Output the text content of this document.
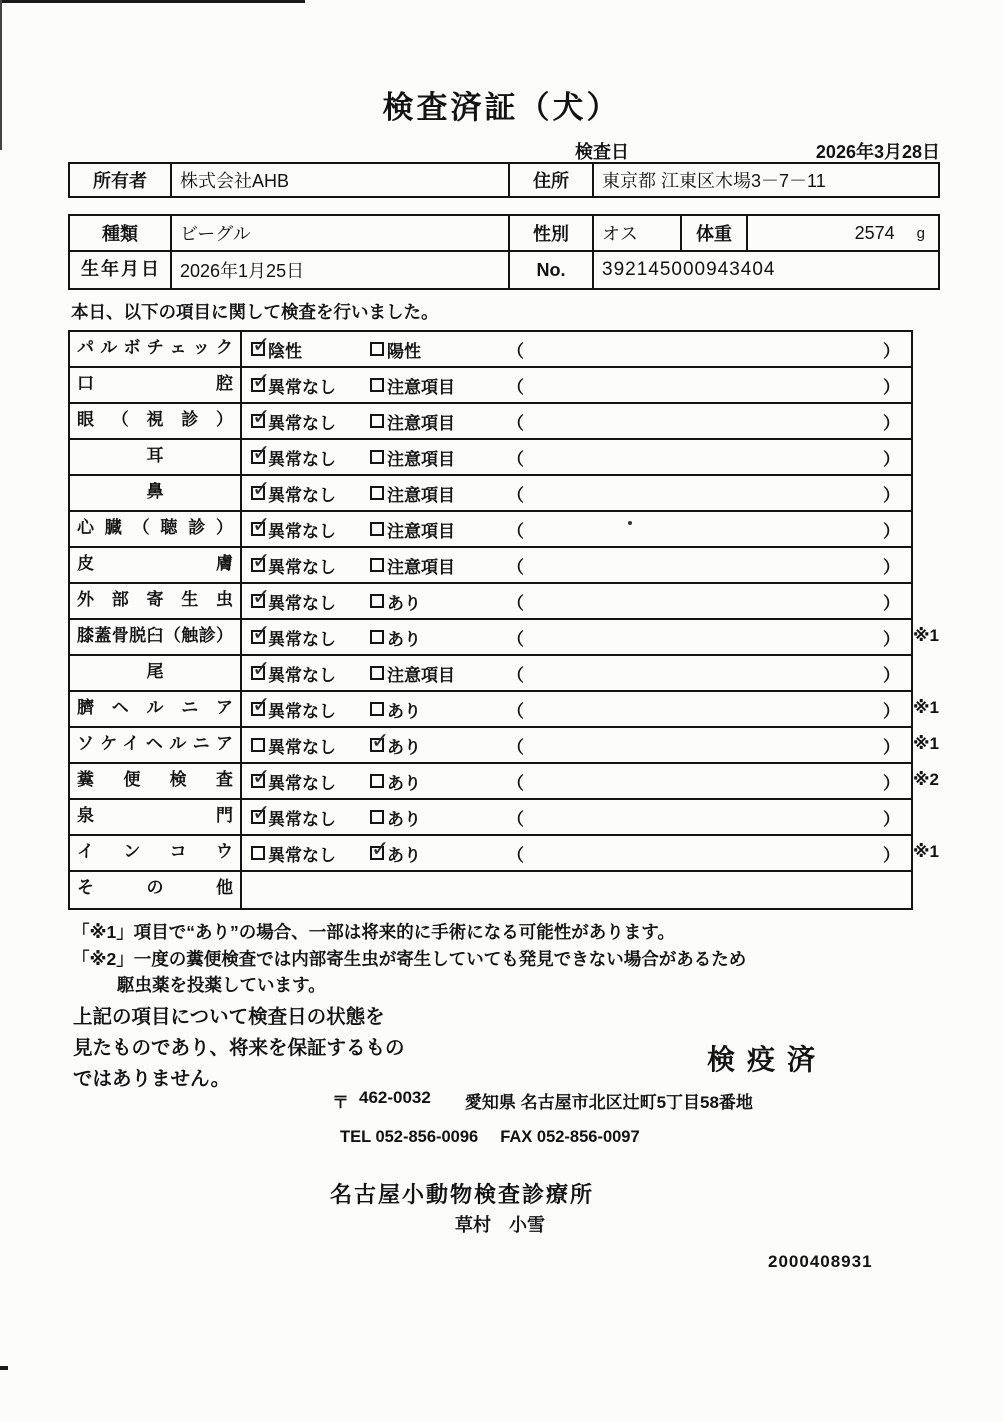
検査済証（犬）
検査日	2026年3月28日
所有者	株式会社AHB	住所	東京都 江東区木場3－7－11
種類	ビーグル	性別	オス	体重	2574 g
生年月日	2026年1月25日	No.	392145000943404
本日、以下の項目に関して検査を行いました。
パルボチェック ✓	陰性	陽性	（	）
口腔 ✓	異常なし	注意項目	（	）
眼（視診） ✓	異常なし	注意項目	（	）
耳 ✓	異常なし	注意項目	（	）
鼻 ✓	異常なし	注意項目	（	）
心臓（聴診） ✓	異常なし	注意項目	（	）
皮膚 ✓	異常なし	注意項目	（	）
外部寄生虫 ✓	異常なし	あり	（	）
膝蓋骨脱臼（触診） ✓	異常なし	あり	（	） ※1
尾 ✓	異常なし	注意項目	（	）
臍ヘルニア ✓	異常なし	あり	（	） ※1
ソケイヘルニア	異常なし ✓	あり	（	） ※1
糞便検査 ✓	異常なし	あり	（	） ※2
泉門 ✓	異常なし	あり	（	）
インコウ	異常なし ✓	あり	（	） ※1
その他
「※1」項目で“あり”の場合、一部は将来的に手術になる可能性があります。
「※2」一度の糞便検査では内部寄生虫が寄生していても発見できない場合があるため
駆虫薬を投薬しています。
上記の項目について検査日の状態を
見たものであり、将来を保証するもの
ではありません。
検疫済
〒 462-0032 愛知県 名古屋市北区辻町5丁目58番地
TEL 052-856-0096 FAX 052-856-0097
名古屋小動物検査診療所
草村　小雪
2000408931
